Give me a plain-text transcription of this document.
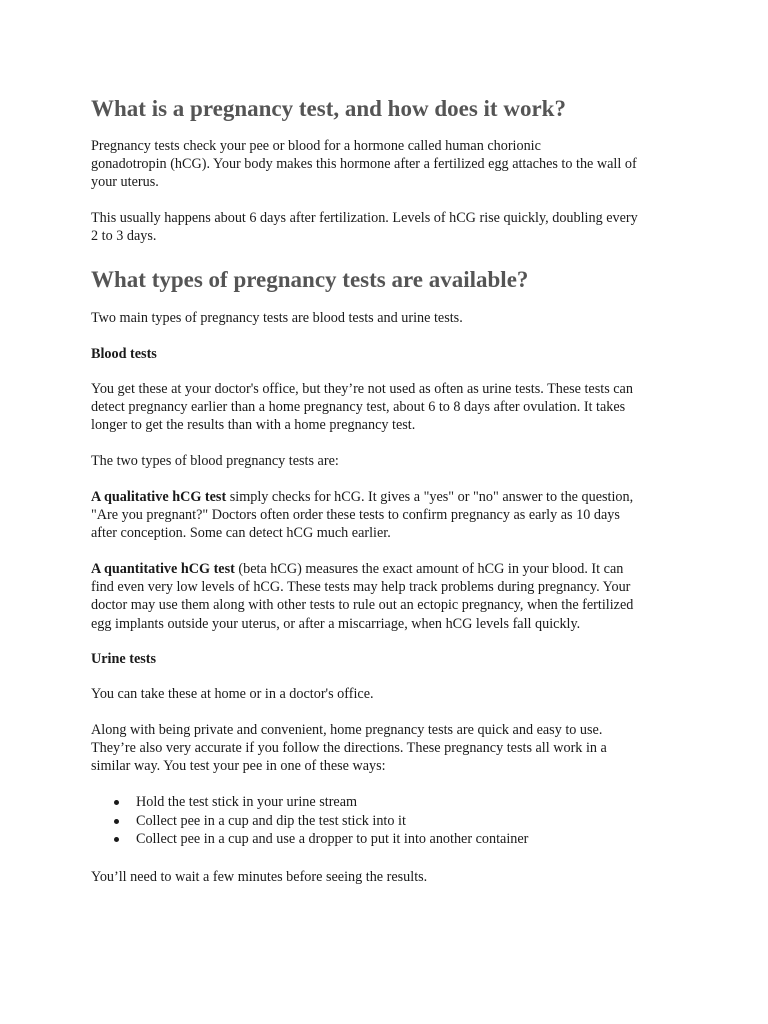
What is a pregnancy test, and how does it work?

Pregnancy tests check your pee or blood for a hormone called human chorionic
gonadotropin (hCG). Your body makes this hormone after a fertilized egg attaches to the wall of
your uterus.

This usually happens about 6 days after fertilization. Levels of hCG rise quickly, doubling every
2 to 3 days.

What types of pregnancy tests are available?

Two main types of pregnancy tests are blood tests and urine tests.

Blood tests

You get these at your doctor's office, but they’re not used as often as urine tests. These tests can
detect pregnancy earlier than a home pregnancy test, about 6 to 8 days after ovulation. It takes
longer to get the results than with a home pregnancy test.

The two types of blood pregnancy tests are:

A qualitative hCG test simply checks for hCG. It gives a "yes" or "no" answer to the question,
"Are you pregnant?" Doctors often order these tests to confirm pregnancy as early as 10 days
after conception. Some can detect hCG much earlier.

A quantitative hCG test (beta hCG) measures the exact amount of hCG in your blood. It can
find even very low levels of hCG. These tests may help track problems during pregnancy. Your
doctor may use them along with other tests to rule out an ectopic pregnancy, when the fertilized
egg implants outside your uterus, or after a miscarriage, when hCG levels fall quickly.

Urine tests

You can take these at home or in a doctor's office.

Along with being private and convenient, home pregnancy tests are quick and easy to use.
They’re also very accurate if you follow the directions. These pregnancy tests all work in a
similar way. You test your pee in one of these ways:

Hold the test stick in your urine stream
Collect pee in a cup and dip the test stick into it
Collect pee in a cup and use a dropper to put it into another container

You’ll need to wait a few minutes before seeing the results.
